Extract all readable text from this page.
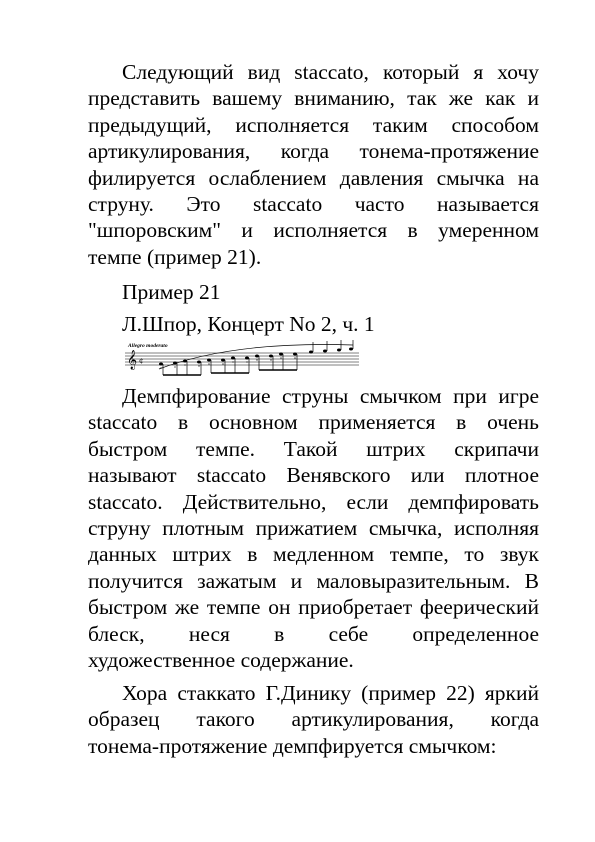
Следующий вид staccato, который я хочу
представить вашему вниманию, так же как и
предыдущий, исполняется таким способом
артикулирования, когда тонема-протяжение
филируется ослаблением давления смычка на
струну. Это staccato часто называется
"шпоровским" и исполняется в умеренном
темпе (пример 21).

Пример 21

Л.Шпор, Концерт No 2, ч. 1

Allegro moderato
𝄞 ¢
Демпфирование струны смычком при игре
staccato в основном применяется в очень
быстром темпе. Такой штрих скрипачи
называют staccato Венявского или плотное
staccato. Действительно, если демпфировать
струну плотным прижатием смычка, исполняя
данных штрих в медленном темпе, то звук
получится зажатым и маловыразительным. В
быстром же темпе он приобретает феерический
блеск, неся в себе определенное
художественное содержание.
Хора стаккато Г.Динику (пример 22) яркий
образец такого артикулирования, когда
тонема-протяжение демпфируется смычком:
